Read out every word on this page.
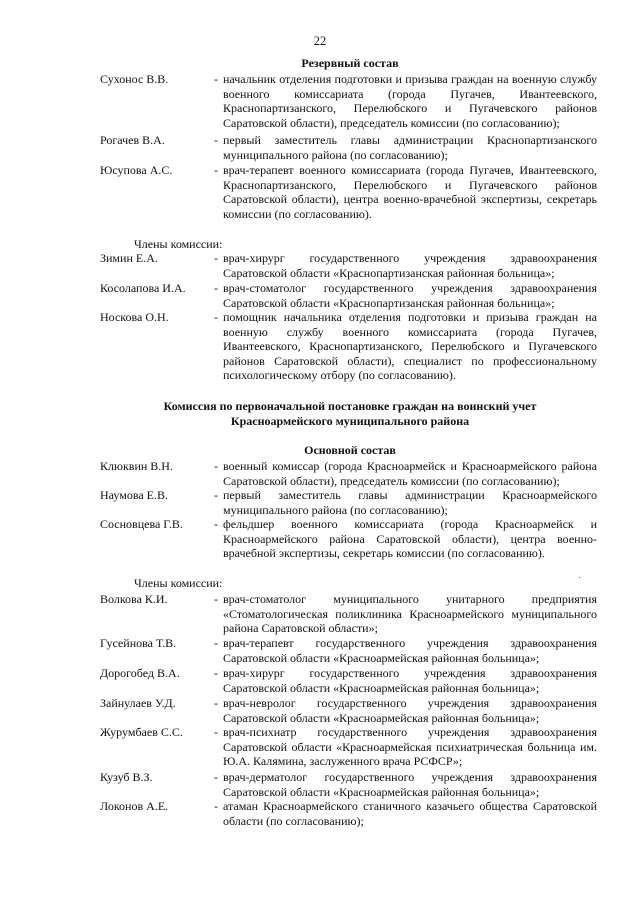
22
Резервный состав
Сухонос В.В.	- начальник отделения подготовки и призыва граждан на военную службу военного комиссариата (города Пугачев, Ивантеевского, Краснопартизанского, Перелюбского и Пугачевского районов Саратовской области), председатель комиссии (по согласованию);
Рогачев В.А.	- первый заместитель главы администрации Краснопартизанского муниципального района (по согласованию);
Юсупова А.С.	- врач-терапевт военного комиссариата (города Пугачев, Ивантеевского, Краснопартизанского, Перелюбского и Пугачевского районов Саратовской области), центра военно-врачебной экспертизы, секретарь комиссии (по согласованию).
Члены комиссии:
Зимин Е.А.	- врач-хирург государственного учреждения здравоохранения Саратовской области «Краснопартизанская районная больница»;
Косолапова И.А.	- врач-стоматолог государственного учреждения здравоохранения Саратовской области «Краснопартизанская районная больница»;
Носкова О.Н.	- помощник начальника отделения подготовки и призыва граждан на военную службу военного комиссариата (города Пугачев, Ивантеевского, Краснопартизанского, Перелюбского и Пугачевского районов Саратовской области), специалист по профессиональному психологическому отбору (по согласованию).
Комиссия по первоначальной постановке граждан на воинский учет
Красноармейского муниципального района
Основной состав
Клюквин В.Н.	- военный комиссар (города Красноармейск и Красноармейского района Саратовской области), председатель комиссии (по согласованию);
Наумова Е.В.	- первый заместитель главы администрации Красноармейского муниципального района (по согласованию);
Сосновцева Г.В.	- фельдшер военного комиссариата (города Красноармейск и Красноармейского района Саратовской области), центра военно-врачебной экспертизы, секретарь комиссии (по согласованию).
·
Члены комиссии:
Волкова К.И.	- врач-стоматолог муниципального унитарного предприятия «Стоматологическая поликлиника Красноармейского муниципального района Саратовской области»;
Гусейнова Т.В.	- врач-терапевт государственного учреждения здравоохранения Саратовской области «Красноармейская районная больница»;
Дорогобед В.А.	- врач-хирург государственного учреждения здравоохранения Саратовской области «Красноармейская районная больница»;
Зайнулаев У.Д.	- врач-невролог государственного учреждения здравоохранения Саратовской области «Красноармейская районная больница»;
Журумбаев С.С.	- врач-психиатр государственного учреждения здравоохранения Саратовской области «Красноармейская психиатрическая больница им. Ю.А. Калямина, заслуженного врача РСФСР»;
Кузуб В.З.	- врач-дерматолог государственного учреждения здравоохранения Саратовской области «Красноармейская районная больница»;
Локонов А.Е.	- атаман Красноармейского станичного казачьего общества Саратовской области (по согласованию);
